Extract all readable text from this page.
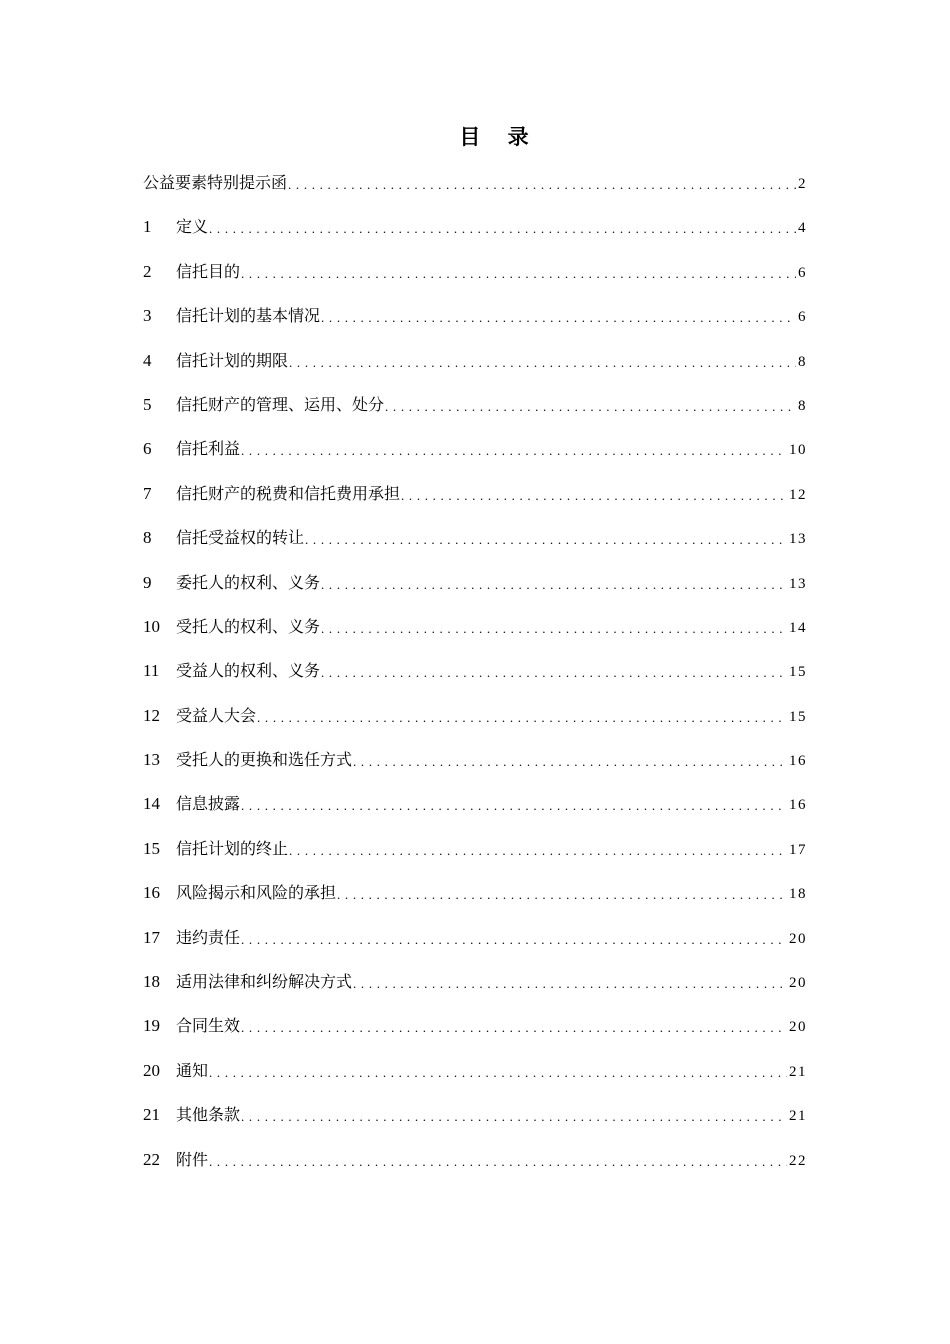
目 录
公益要素特别提示函 . . .	2
1	定义 . . .	4
2	信托目的 . . .	6
3	信托计划的基本情况 . . .	6
4	信托计划的期限 . . .	8
5	信托财产的管理、运用、处分 . . .	8
6	信托利益 . . .	10
7	信托财产的税费和信托费用承担 . . .	12
8	信托受益权的转让 . . .	13
9	委托人的权利、义务 . . .	13
10	受托人的权利、义务 . . .	14
11	受益人的权利、义务 . . .	15
12	受益人大会 . . .	15
13	受托人的更换和选任方式 . . .	16
14	信息披露 . . .	16
15	信托计划的终止 . . .	17
16	风险揭示和风险的承担 . . .	18
17	违约责任 . . .	20
18	适用法律和纠纷解决方式 . . .	20
19	合同生效 . . .	20
20	通知 . . .	21
21	其他条款 . . .	21
22	附件 . . .	22
